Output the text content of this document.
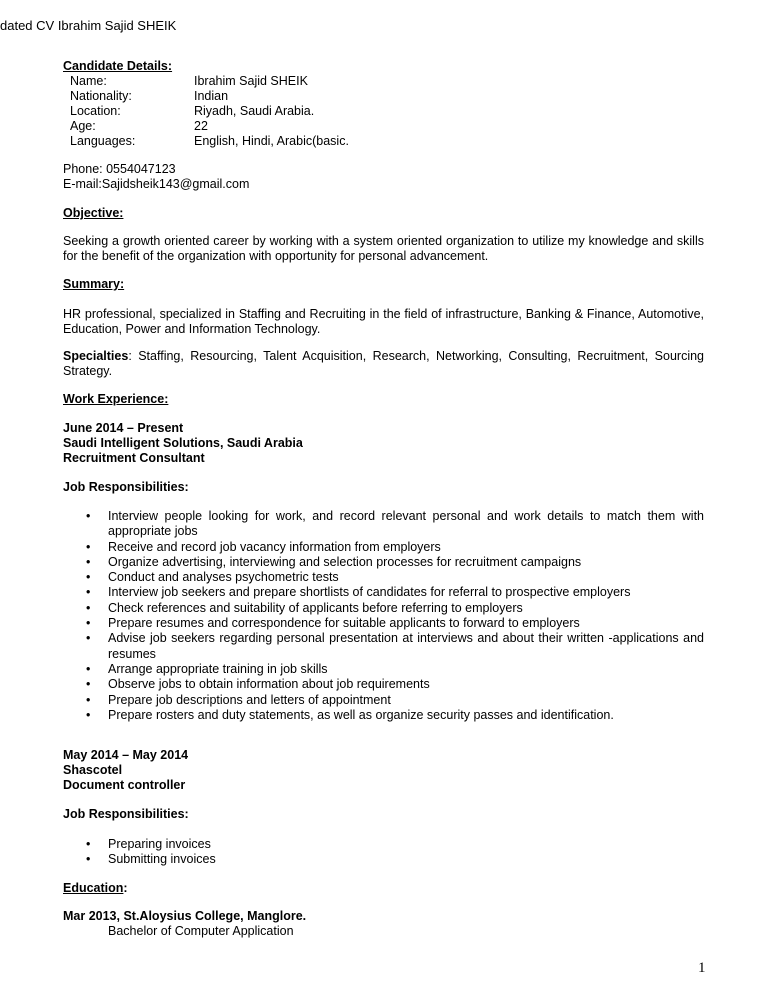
dated CV Ibrahim Sajid SHEIK
Candidate Details:
Name:	Ibrahim Sajid SHEIK
Nationality:	Indian
Location:	Riyadh, Saudi Arabia.
Age:	22
Languages:	English, Hindi, Arabic(basic.
Phone: 0554047123
E-mail:Sajidsheik143@gmail.com
Objective:
Seeking a growth oriented career by working with a system oriented organization to utilize my knowledge and skills for the benefit of the organization with opportunity for personal advancement.
Summary:
HR professional, specialized in Staffing and Recruiting in the field of infrastructure, Banking & Finance, Automotive, Education, Power and Information Technology.
Specialties: Staffing, Resourcing, Talent Acquisition, Research, Networking, Consulting, Recruitment, Sourcing Strategy.
Work Experience:
June 2014 – Present
Saudi Intelligent Solutions, Saudi Arabia
Recruitment Consultant
Job Responsibilities:
• Interview people looking for work, and record relevant personal and work details to match them with appropriate jobs
• Receive and record job vacancy information from employers
• Organize advertising, interviewing and selection processes for recruitment campaigns
• Conduct and analyses psychometric tests
• Interview job seekers and prepare shortlists of candidates for referral to prospective employers
• Check references and suitability of applicants before referring to employers
• Prepare resumes and correspondence for suitable applicants to forward to employers
• Advise job seekers regarding personal presentation at interviews and about their written -applications and resumes
• Arrange appropriate training in job skills
• Observe jobs to obtain information about job requirements
• Prepare job descriptions and letters of appointment
• Prepare rosters and duty statements, as well as organize security passes and identification.
May 2014 – May 2014
Shascotel
Document controller
Job Responsibilities:
• Preparing invoices
• Submitting invoices
Education:
Mar 2013, St.Aloysius College, Manglore.
Bachelor of Computer Application
1
